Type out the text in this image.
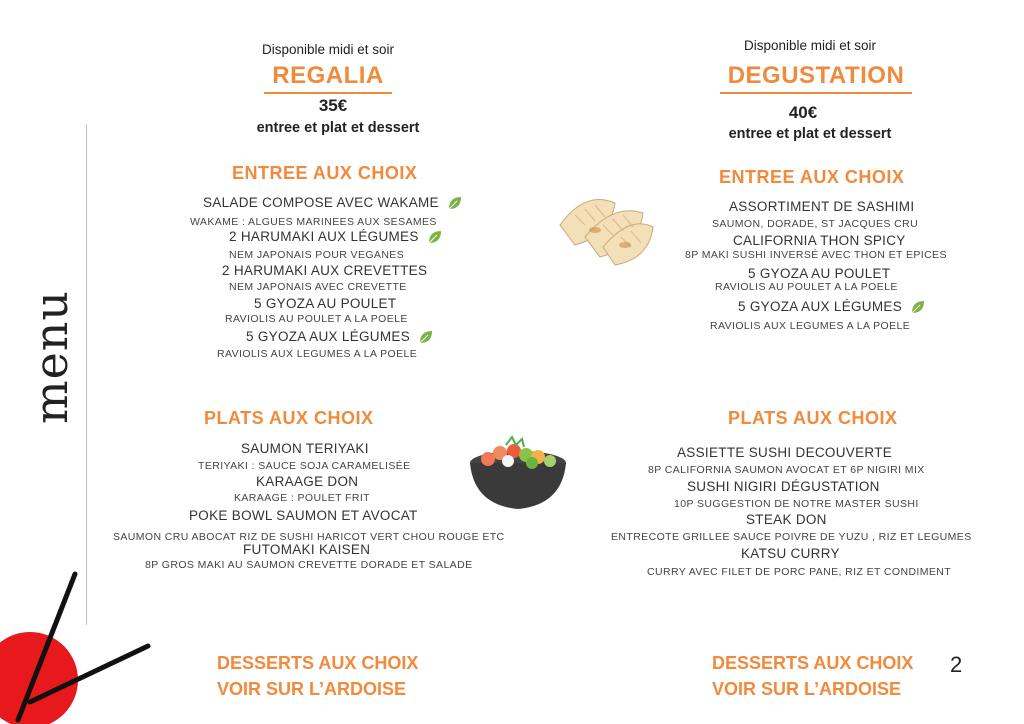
menu
Disponible midi et soir
REGALIA
35€
entree et plat et dessert
ENTREE AUX CHOIX
SALADE COMPOSE AVEC WAKAME
WAKAME : ALGUES MARINEES AUX SESAMES
2 HARUMAKI AUX LÉGUMES
NEM JAPONAIS POUR VEGANES
2 HARUMAKI AUX CREVETTES
NEM JAPONAIS AVEC CREVETTE
5 GYOZA AU POULET
RAVIOLIS AU POULET A LA POELE
5 GYOZA AUX LÉGUMES
RAVIOLIS AUX LEGUMES A LA POELE
PLATS AUX CHOIX
SAUMON TERIYAKI
TERIYAKI : SAUCE SOJA CARAMELISÉE
KARAAGE DON
KARAAGE : POULET FRIT
POKE BOWL SAUMON ET AVOCAT
SAUMON CRU ABOCAT RIZ DE SUSHI HARICOT VERT CHOU ROUGE ETC
FUTOMAKI KAISEN
8P GROS MAKI AU SAUMON CREVETTE DORADE ET SALADE
DESSERTS AUX CHOIX
VOIR SUR L’ARDOISE
Disponible midi et soir
DEGUSTATION
40€
entree et plat et dessert
ENTREE AUX CHOIX
ASSORTIMENT DE SASHIMI
SAUMON, DORADE, ST JACQUES CRU
CALIFORNIA THON SPICY
8P MAKI SUSHI INVERSÉ AVEC THON ET EPICES
5 GYOZA AU POULET
RAVIOLIS AU POULET A LA POELE
5 GYOZA AUX LÉGUMES
RAVIOLIS AUX LEGUMES A LA POELE
PLATS AUX CHOIX
ASSIETTE SUSHI DECOUVERTE
8P CALIFORNIA SAUMON AVOCAT ET 6P NIGIRI MIX
SUSHI NIGIRI DÉGUSTATION
10P SUGGESTION DE NOTRE MASTER SUSHI
STEAK DON
ENTRECOTE GRILLEE SAUCE POIVRE DE YUZU , RIZ ET LEGUMES
KATSU CURRY
CURRY AVEC FILET DE PORC PANE, RIZ ET CONDIMENT
DESSERTS AUX CHOIX
VOIR SUR L’ARDOISE
2
